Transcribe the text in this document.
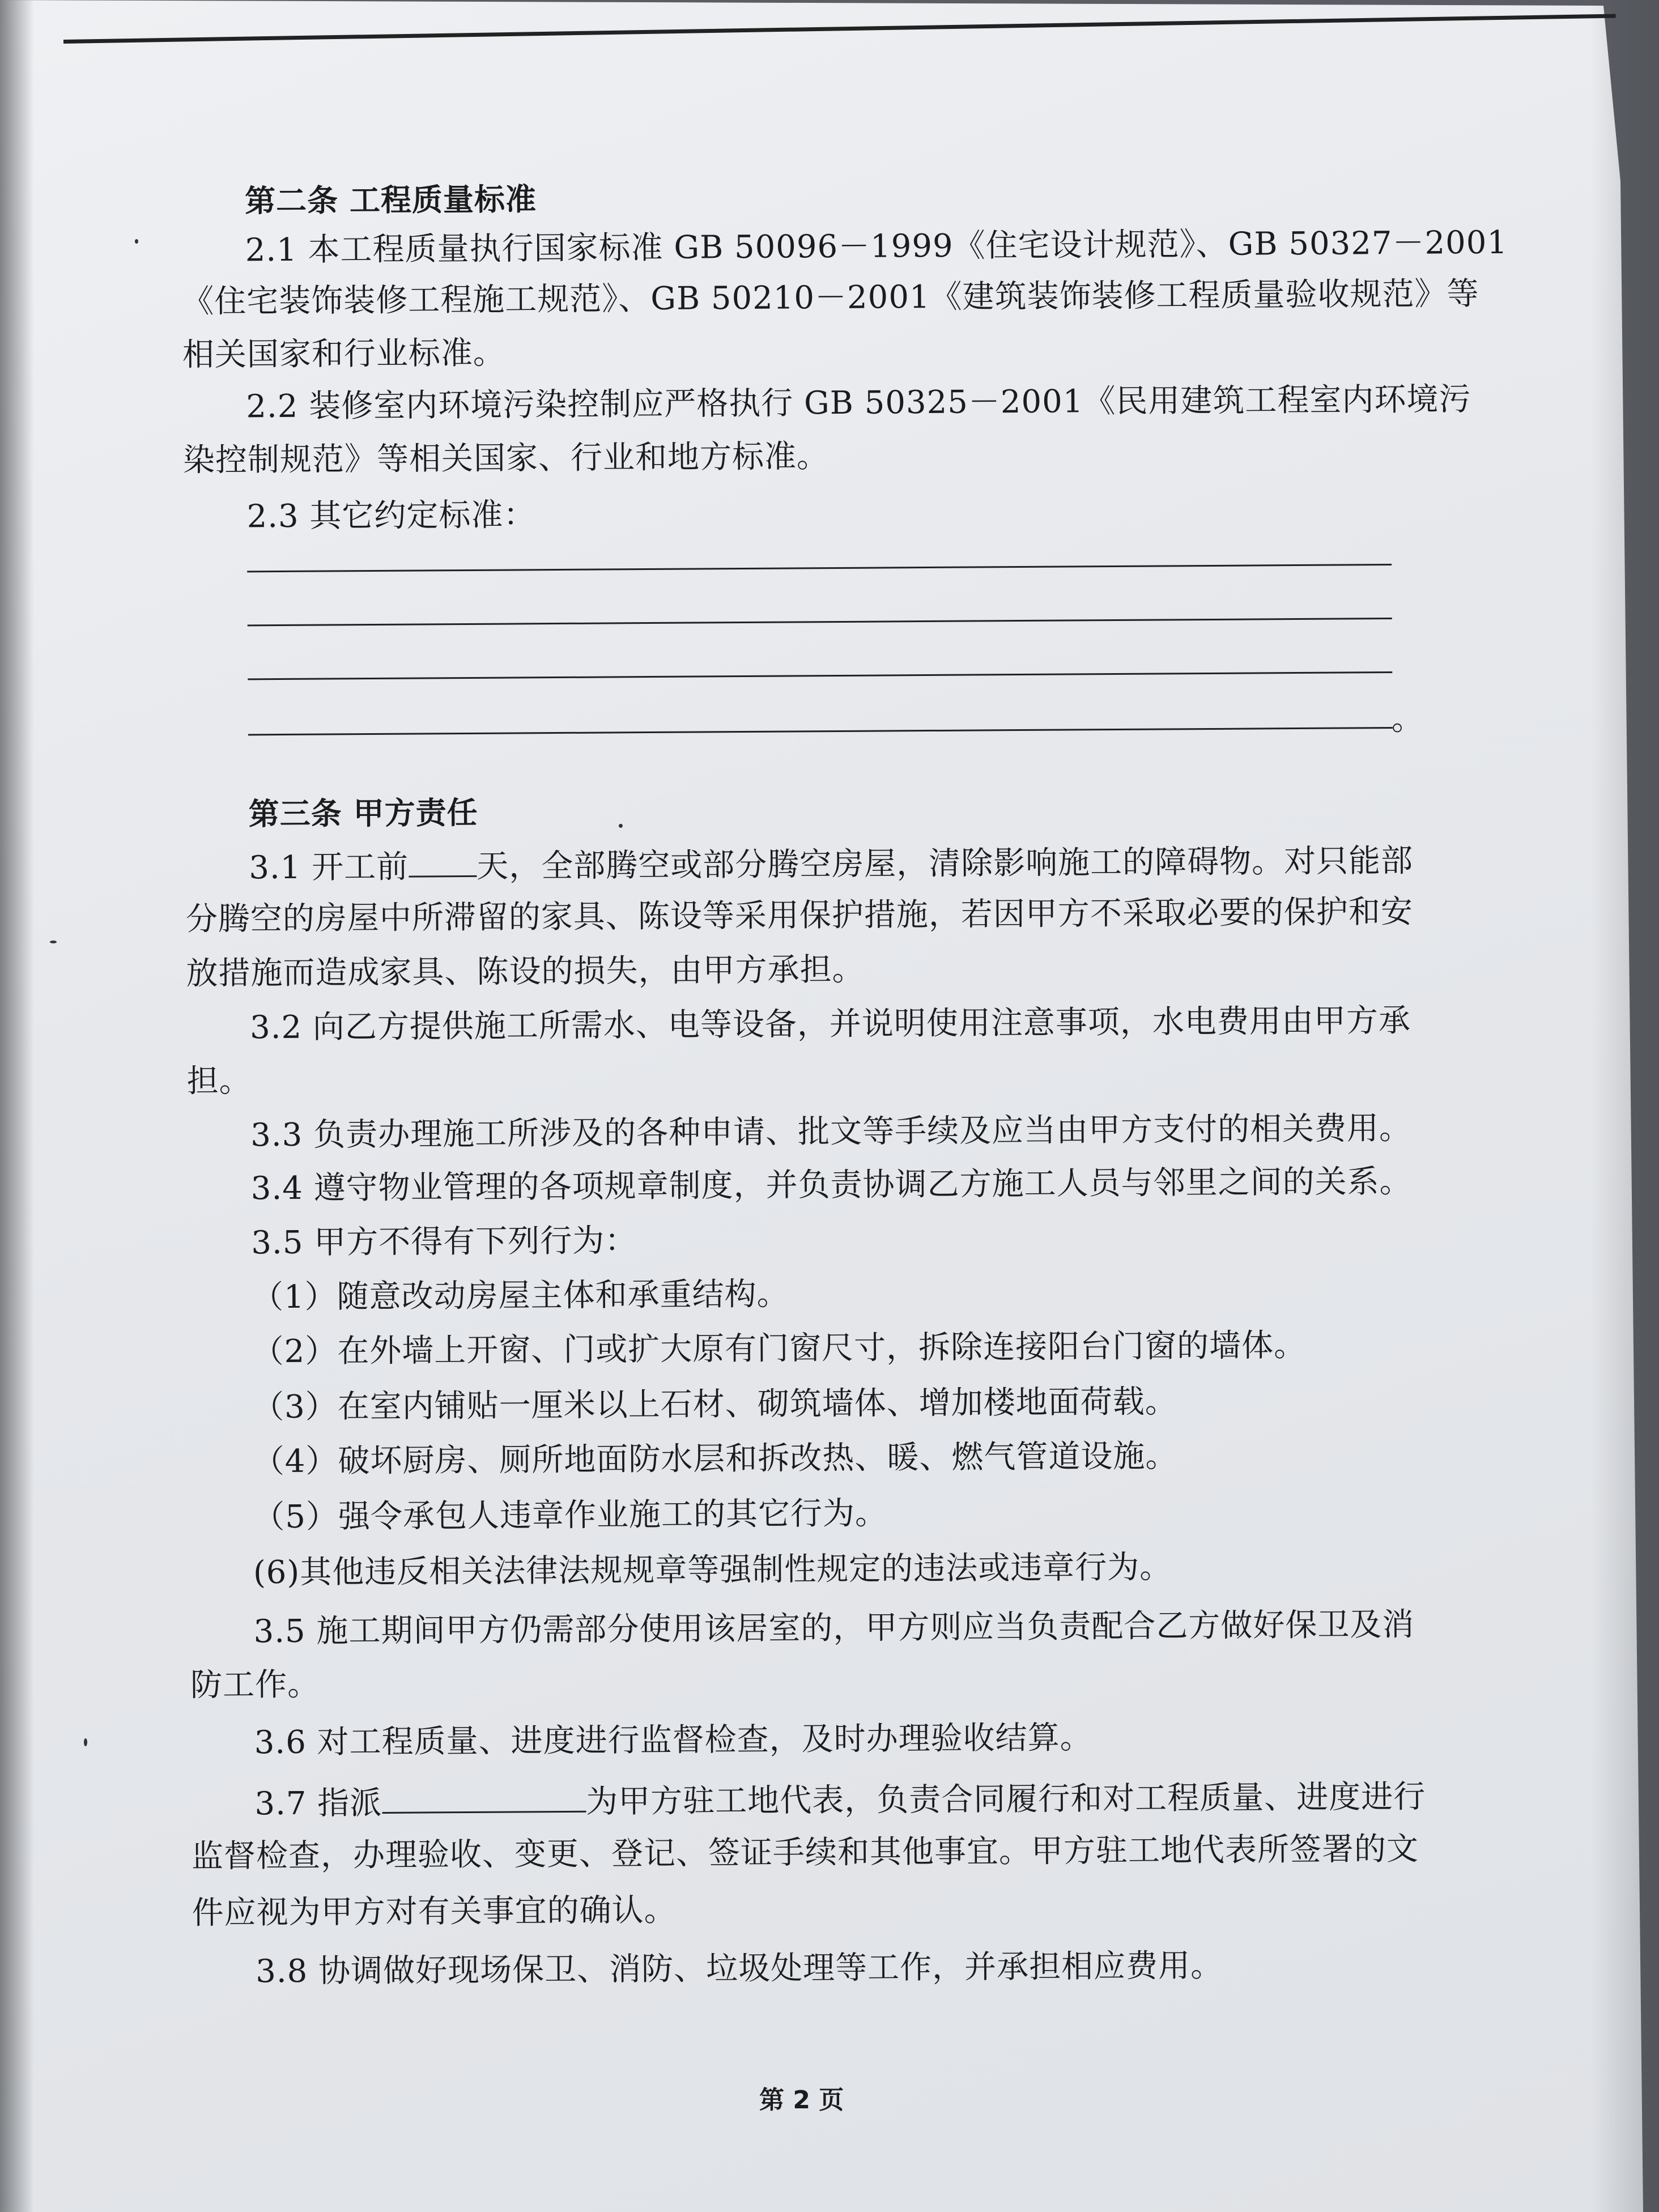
第二条 工程质量标准
2.1 本工程质量执行国家标准 GB 50096－1999《住宅设计规范》、GB 50327－2001
《住宅装饰装修工程施工规范》、GB 50210－2001《建筑装饰装修工程质量验收规范》等
相关国家和行业标准。
2.2 装修室内环境污染控制应严格执行 GB 50325－2001《民用建筑工程室内环境污
染控制规范》等相关国家、行业和地方标准。
2.3 其它约定标准：
。
第三条 甲方责任
3.1 开工前 天，全部腾空或部分腾空房屋，清除影响施工的障碍物。对只能部
分腾空的房屋中所滞留的家具、陈设等采用保护措施，若因甲方不采取必要的保护和安
放措施而造成家具、陈设的损失，由甲方承担。
3.2 向乙方提供施工所需水、电等设备，并说明使用注意事项，水电费用由甲方承
担。
3.3 负责办理施工所涉及的各种申请、批文等手续及应当由甲方支付的相关费用。
3.4 遵守物业管理的各项规章制度，并负责协调乙方施工人员与邻里之间的关系。
3.5 甲方不得有下列行为：
（1）随意改动房屋主体和承重结构。
（2）在外墙上开窗、门或扩大原有门窗尺寸，拆除连接阳台门窗的墙体。
（3）在室内铺贴一厘米以上石材、砌筑墙体、增加楼地面荷载。
（4）破坏厨房、厕所地面防水层和拆改热、暖、燃气管道设施。
（5）强令承包人违章作业施工的其它行为。
(6)其他违反相关法律法规规章等强制性规定的违法或违章行为。
3.5 施工期间甲方仍需部分使用该居室的，甲方则应当负责配合乙方做好保卫及消
防工作。
3.6 对工程质量、进度进行监督检查，及时办理验收结算。
3.7 指派	为甲方驻工地代表，负责合同履行和对工程质量、进度进行
监督检查，办理验收、变更、登记、签证手续和其他事宜。甲方驻工地代表所签署的文
件应视为甲方对有关事宜的确认。
3.8 协调做好现场保卫、消防、垃圾处理等工作，并承担相应费用。
第 2 页
